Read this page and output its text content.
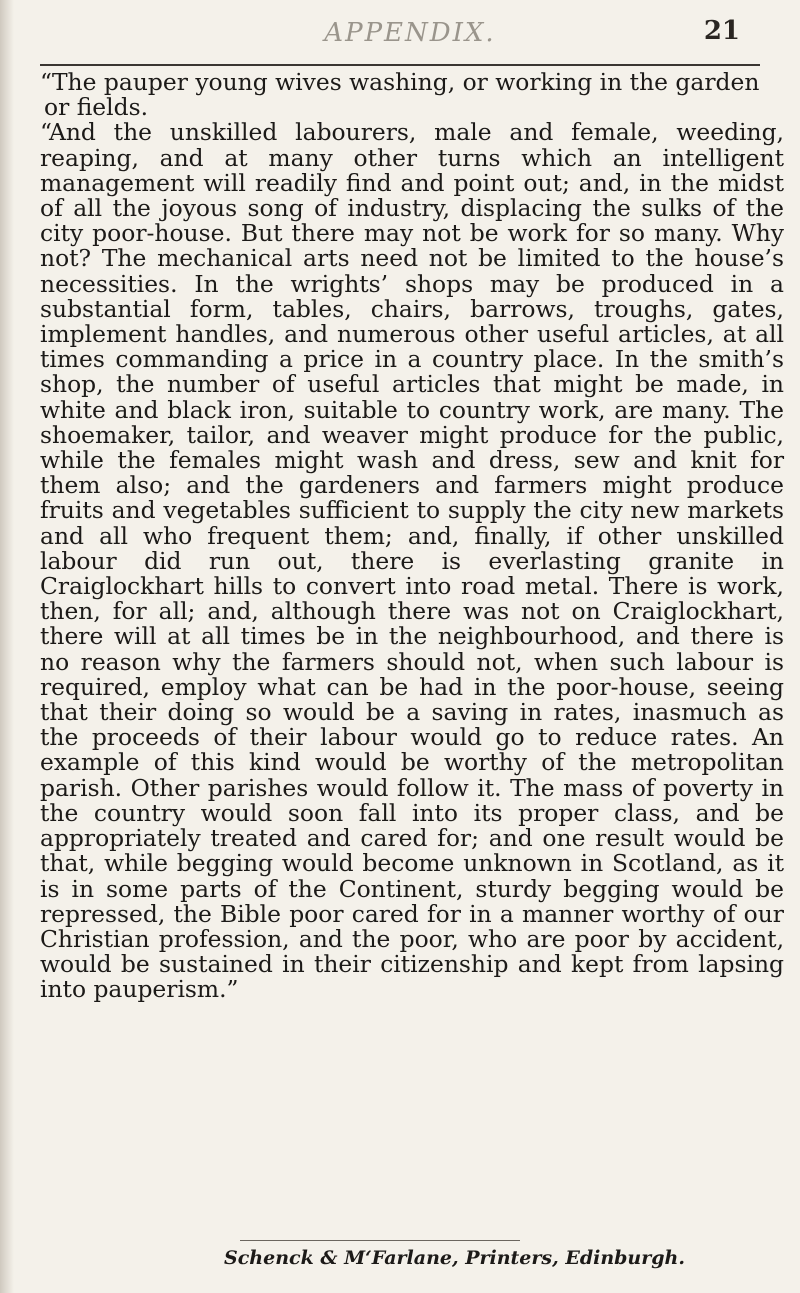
APPENDIX.	21

“The pauper young wives washing, or working in the garden

or fields.

“And the unskilled labourers, male and female, weeding, reaping, and at many other turns which an intelligent management will readily find and point out; and, in the midst of all the joyous song of industry, displacing the sulks of the city poor-house. But there may not be work for so many. Why not? The mechanical arts need not be limited to the house’s necessities. In the wrights’ shops may be produced in a substantial form, tables, chairs, barrows, troughs, gates, implement handles, and numerous other useful articles, at all times commanding a price in a country place. In the smith’s shop, the number of useful articles that might be made, in white and black iron, suitable to country work, are many. The shoemaker, tailor, and weaver might produce for the public, while the females might wash and dress, sew and knit for them also; and the gardeners and farmers might produce fruits and vegetables sufficient to supply the city new markets and all who frequent them; and, finally, if other unskilled labour did run out, there is everlasting granite in Craiglockhart hills to convert into road metal. There is work, then, for all; and, although there was not on Craiglockhart, there will at all times be in the neighbourhood, and there is no reason why the farmers should not, when such labour is required, employ what can be had in the poor-house, seeing that their doing so would be a saving in rates, inasmuch as the proceeds of their labour would go to reduce rates. An example of this kind would be worthy of the metropolitan parish. Other parishes would follow it. The mass of poverty in the country would soon fall into its proper class, and be appropriately treated and cared for; and one result would be that, while begging would become unknown in Scotland, as it is in some parts of the Continent, sturdy begging would be repressed, the Bible poor cared for in a manner worthy of our Christian profession, and the poor, who are poor by accident, would be sustained in their citizenship and kept from lapsing into pauperism.”

Schenck & M‘Farlane, Printers, Edinburgh.
